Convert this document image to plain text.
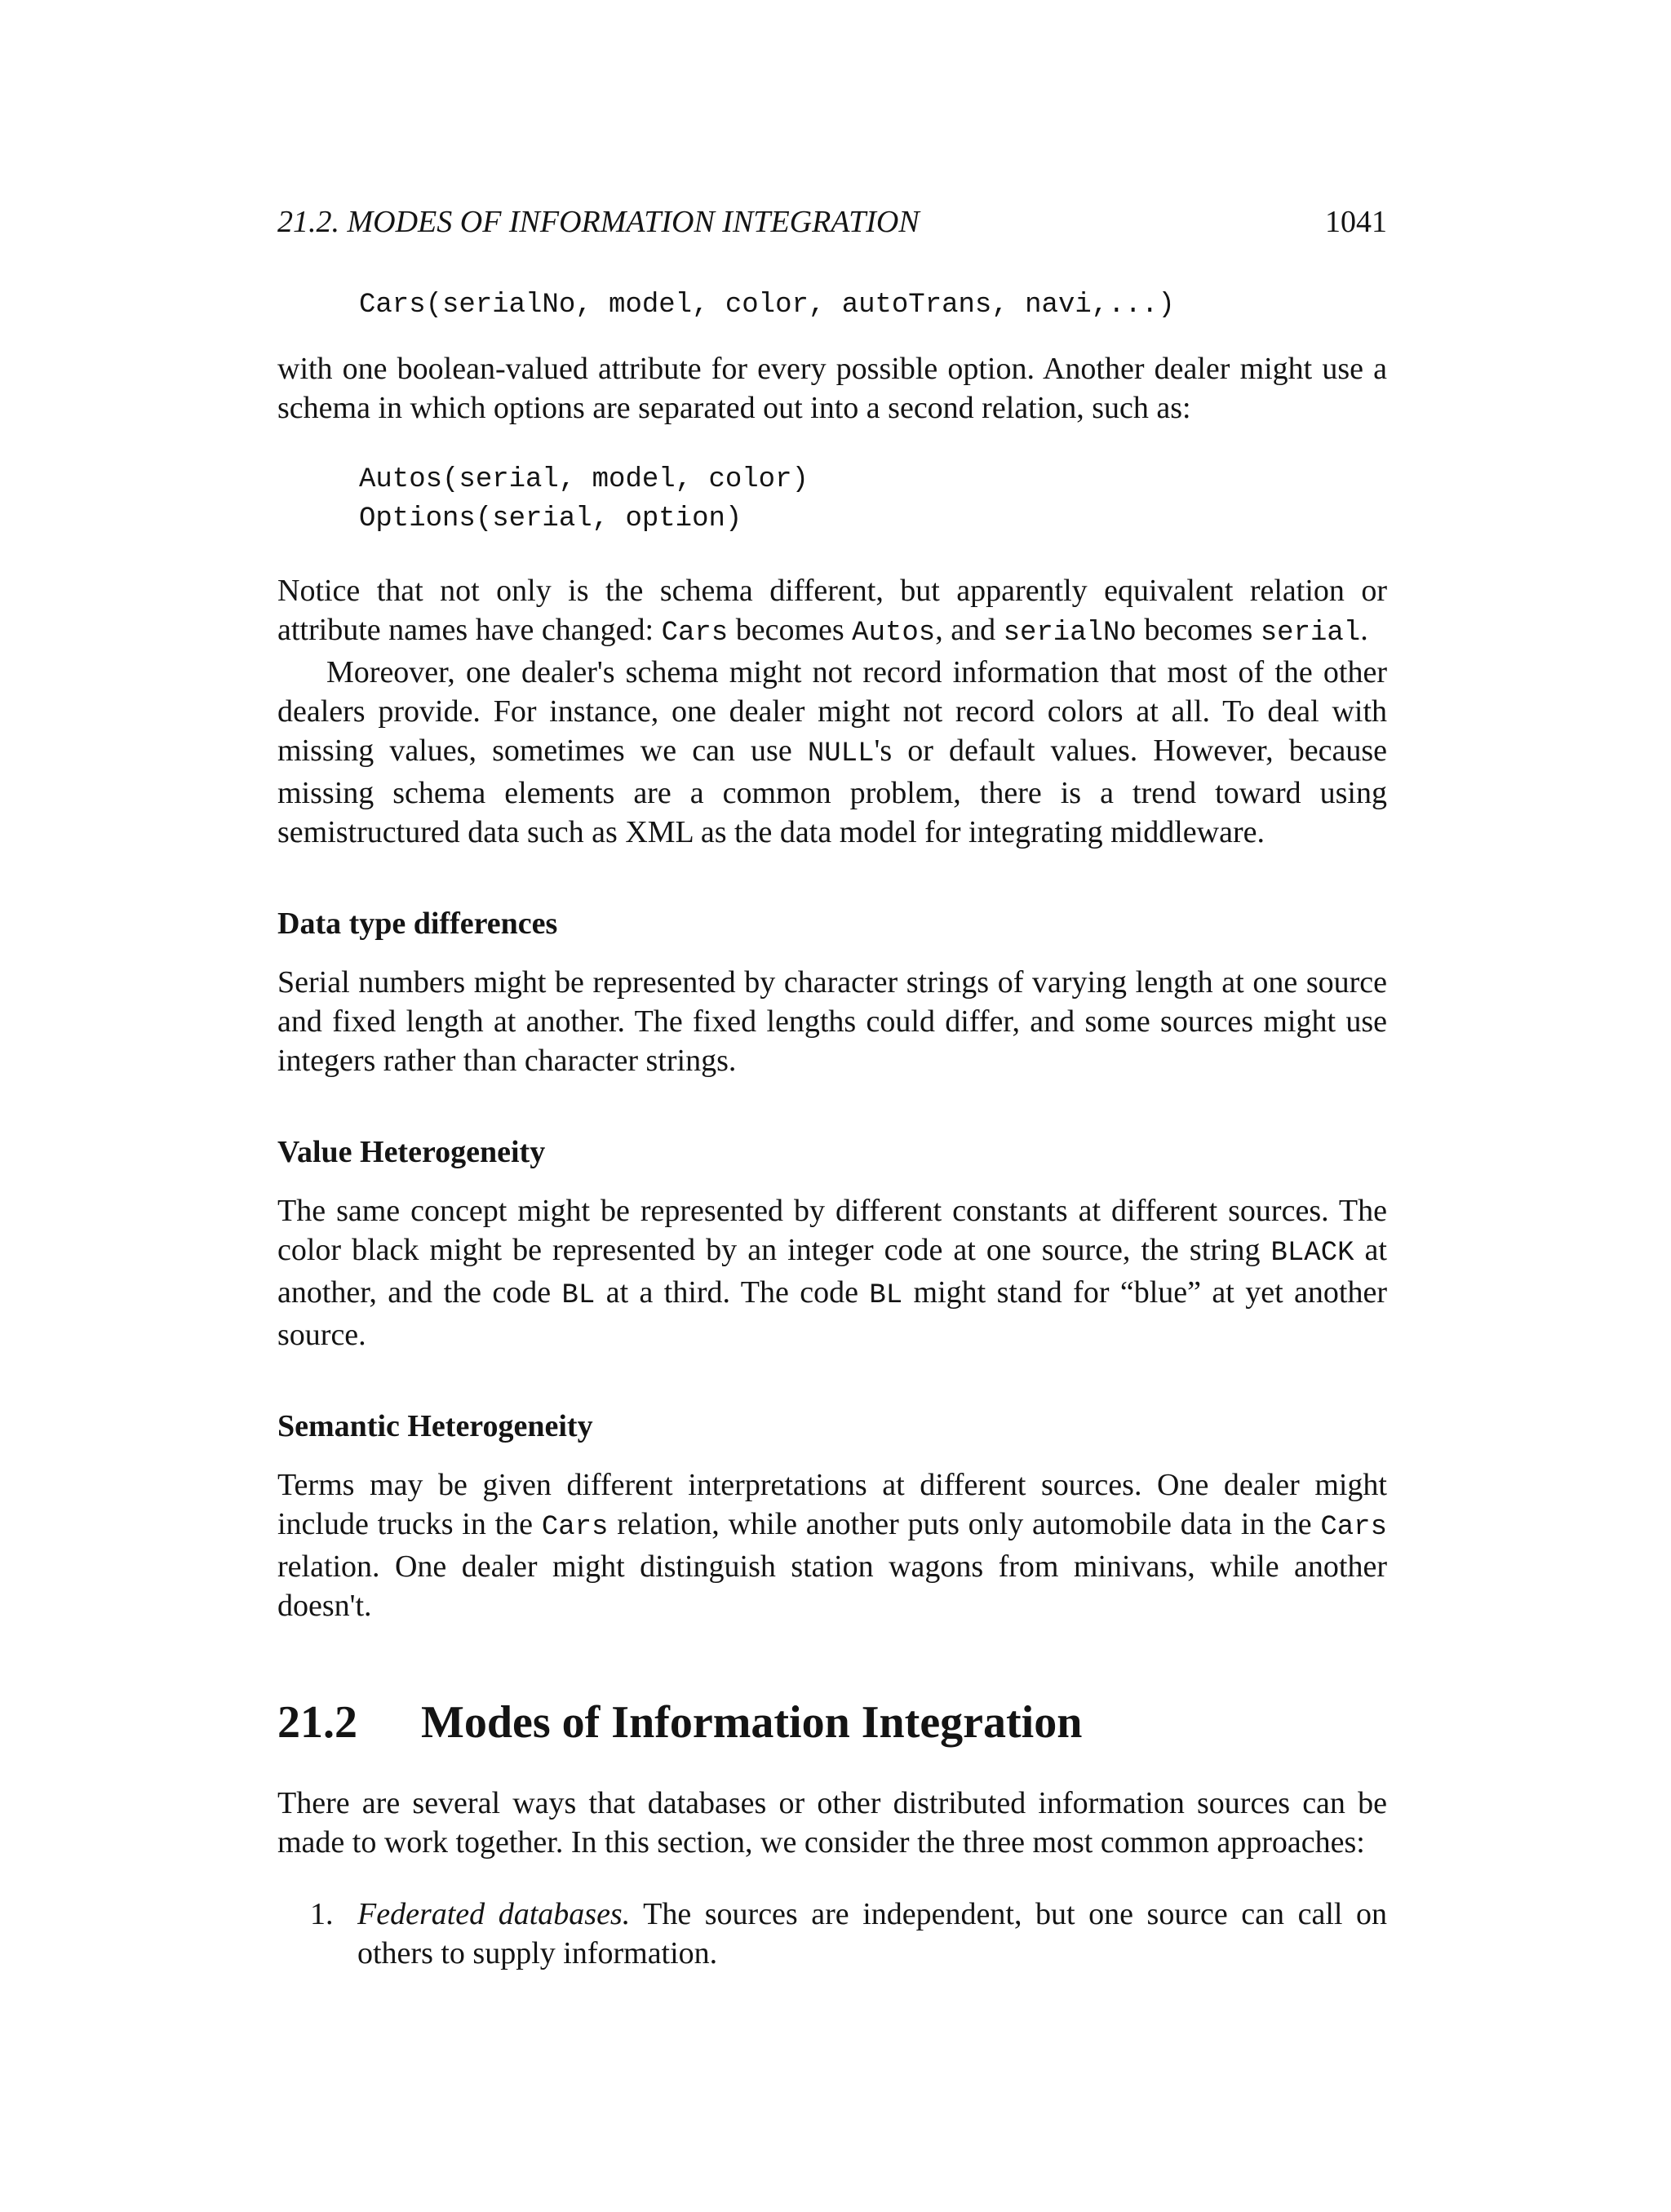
21.2. MODES OF INFORMATION INTEGRATION	1041
Cars(serialNo, model, color, autoTrans, navi,...)

with one boolean-valued attribute for every possible option. Another dealer might use a schema in which options are separated out into a second relation, such as:

Autos(serial, model, color)
Options(serial, option)

Notice that not only is the schema different, but apparently equivalent relation or attribute names have changed: Cars becomes Autos, and serialNo becomes serial.

Moreover, one dealer's schema might not record information that most of the other dealers provide. For instance, one dealer might not record colors at all. To deal with missing values, sometimes we can use NULL's or default values. However, because missing schema elements are a common problem, there is a trend toward using semistructured data such as XML as the data model for integrating middleware.

Data type differences

Serial numbers might be represented by character strings of varying length at one source and fixed length at another. The fixed lengths could differ, and some sources might use integers rather than character strings.

Value Heterogeneity

The same concept might be represented by different constants at different sources. The color black might be represented by an integer code at one source, the string BLACK at another, and the code BL at a third. The code BL might stand for “blue” at yet another source.

Semantic Heterogeneity

Terms may be given different interpretations at different sources. One dealer might include trucks in the Cars relation, while another puts only automobile data in the Cars relation. One dealer might distinguish station wagons from minivans, while another doesn't.

21.2 Modes of Information Integration

There are several ways that databases or other distributed information sources can be made to work together. In this section, we consider the three most common approaches:

1. Federated databases. The sources are independent, but one source can call on others to supply information.
